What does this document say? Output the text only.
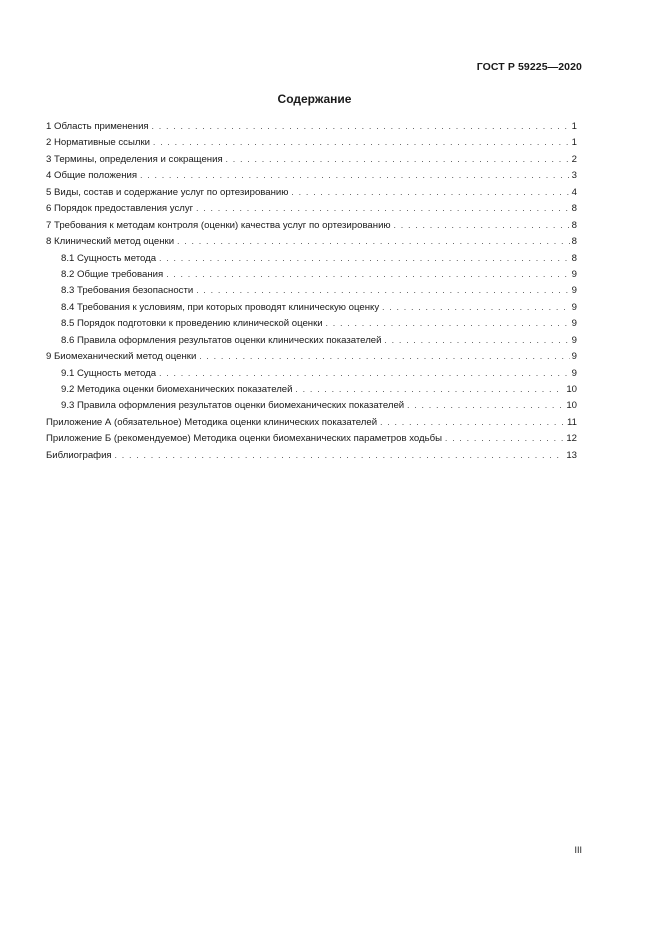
ГОСТ Р 59225—2020
Содержание
1 Область применения . . .	1
2 Нормативные ссылки . . .	1
3 Термины, определения и сокращения . . .	2
4 Общие положения . . .	3
5 Виды, состав и содержание услуг по ортезированию . . .	4
6 Порядок предоставления услуг . . .	8
7 Требования к методам контроля (оценки) качества услуг по ортезированию . . .	8
8 Клинический метод оценки . . .	8
8.1 Сущность метода . . .	8
8.2 Общие требования . . .	9
8.3 Требования безопасности . . .	9
8.4 Требования к условиям, при которых проводят клиническую оценку . . .	9
8.5 Порядок подготовки к проведению клинической оценки . . .	9
8.6 Правила оформления результатов оценки клинических показателей . . .	9
9 Биомеханический метод оценки . . .	9
9.1 Сущность метода . . .	9
9.2 Методика оценки биомеханических показателей . . .	10
9.3 Правила оформления результатов оценки биомеханических показателей . . .	10
Приложение А (обязательное) Методика оценки клинических показателей . . .	11
Приложение Б (рекомендуемое) Методика оценки биомеханических параметров ходьбы . . .	12
Библиография . . .	13
III
